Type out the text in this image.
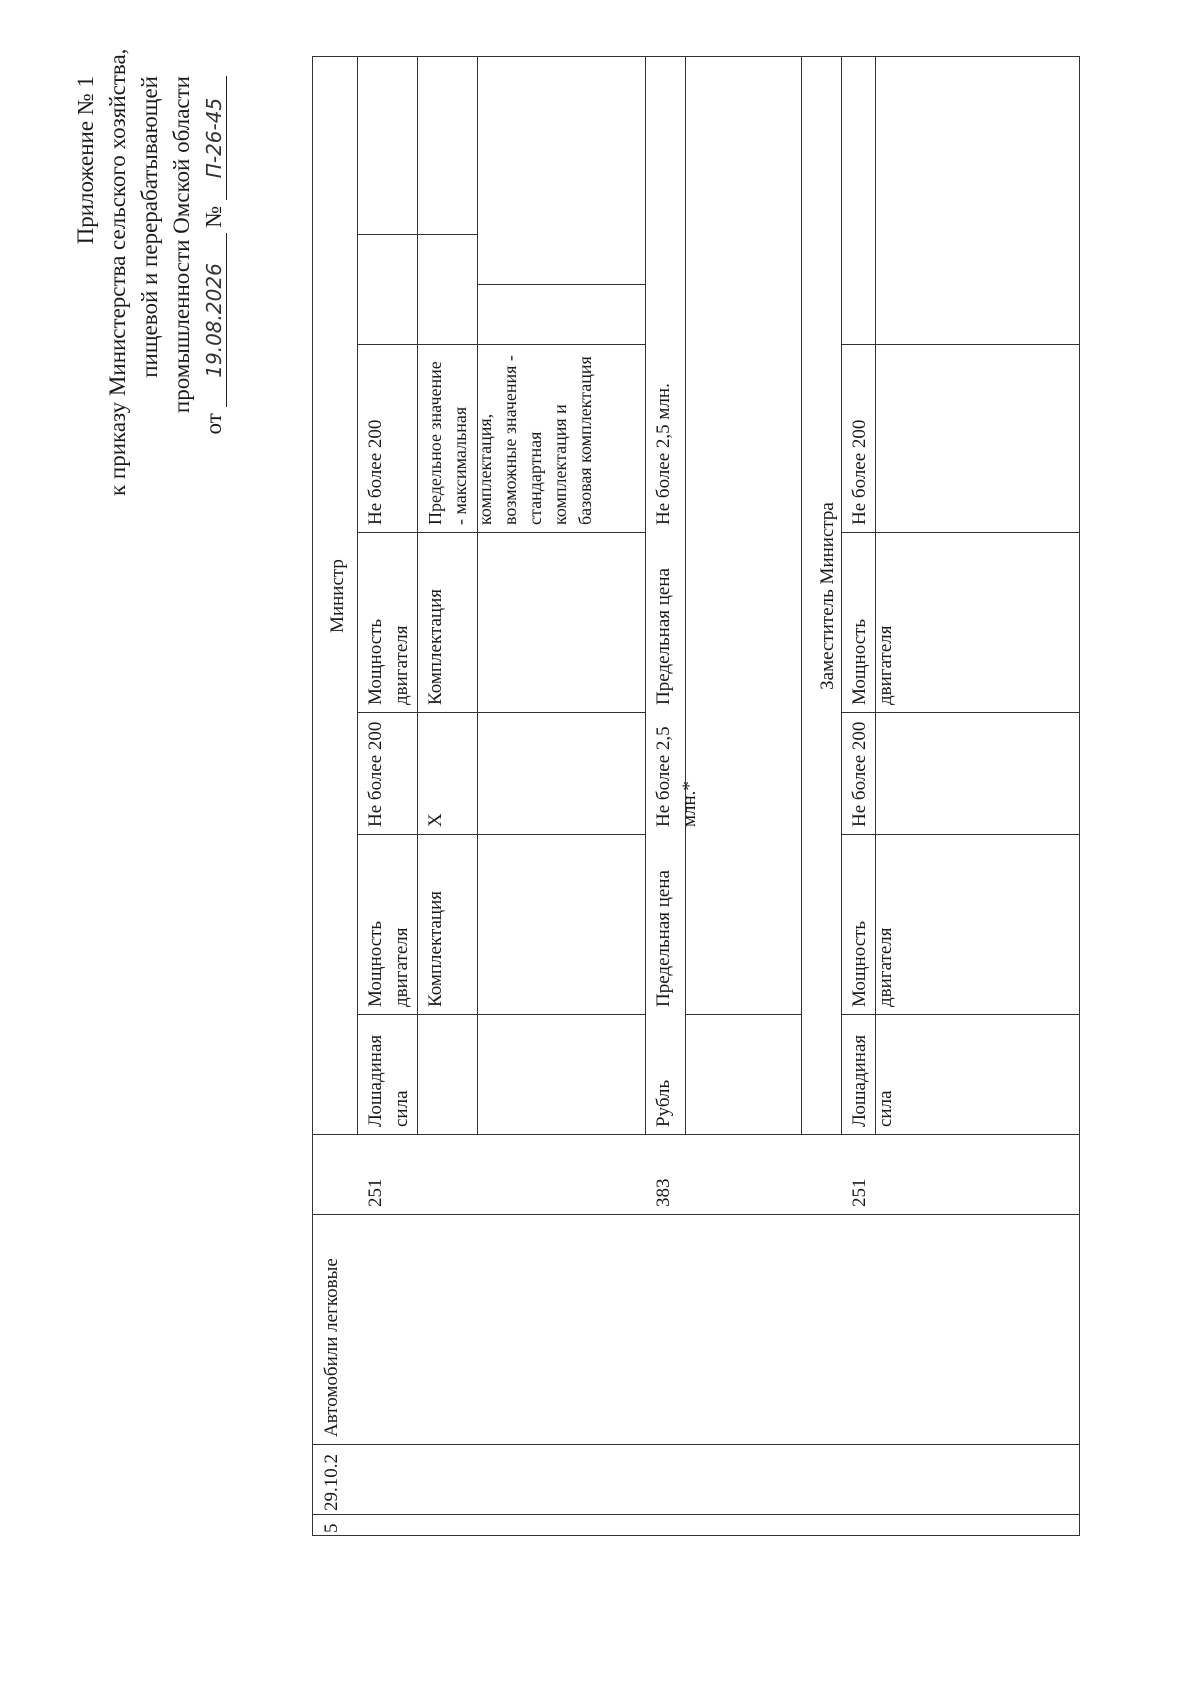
Приложение № 1 к приказу Министерства сельского хозяйства, пищевой и перерабатывающей промышленности Омской области
от 19.08.2026 № П-26-45
5
29.10.2
Автомобили легковые
Министр
251
Лошадиная сила
Мощность двигателя
Не более 200
Мощность двигателя
Не более 200
Комплектация
Х
Комплектация
Предельное значение - максимальная комплектация, возможные значения - стандартная комплектация и базовая комплектация
383
Рубль
Предельная цена
Не более 2,5 млн.*
Предельная цена
Не более 2,5 млн.
Заместитель Министра
251
Лошадиная сила
Мощность двигателя
Не более 200
Мощность двигателя
Не более 200
